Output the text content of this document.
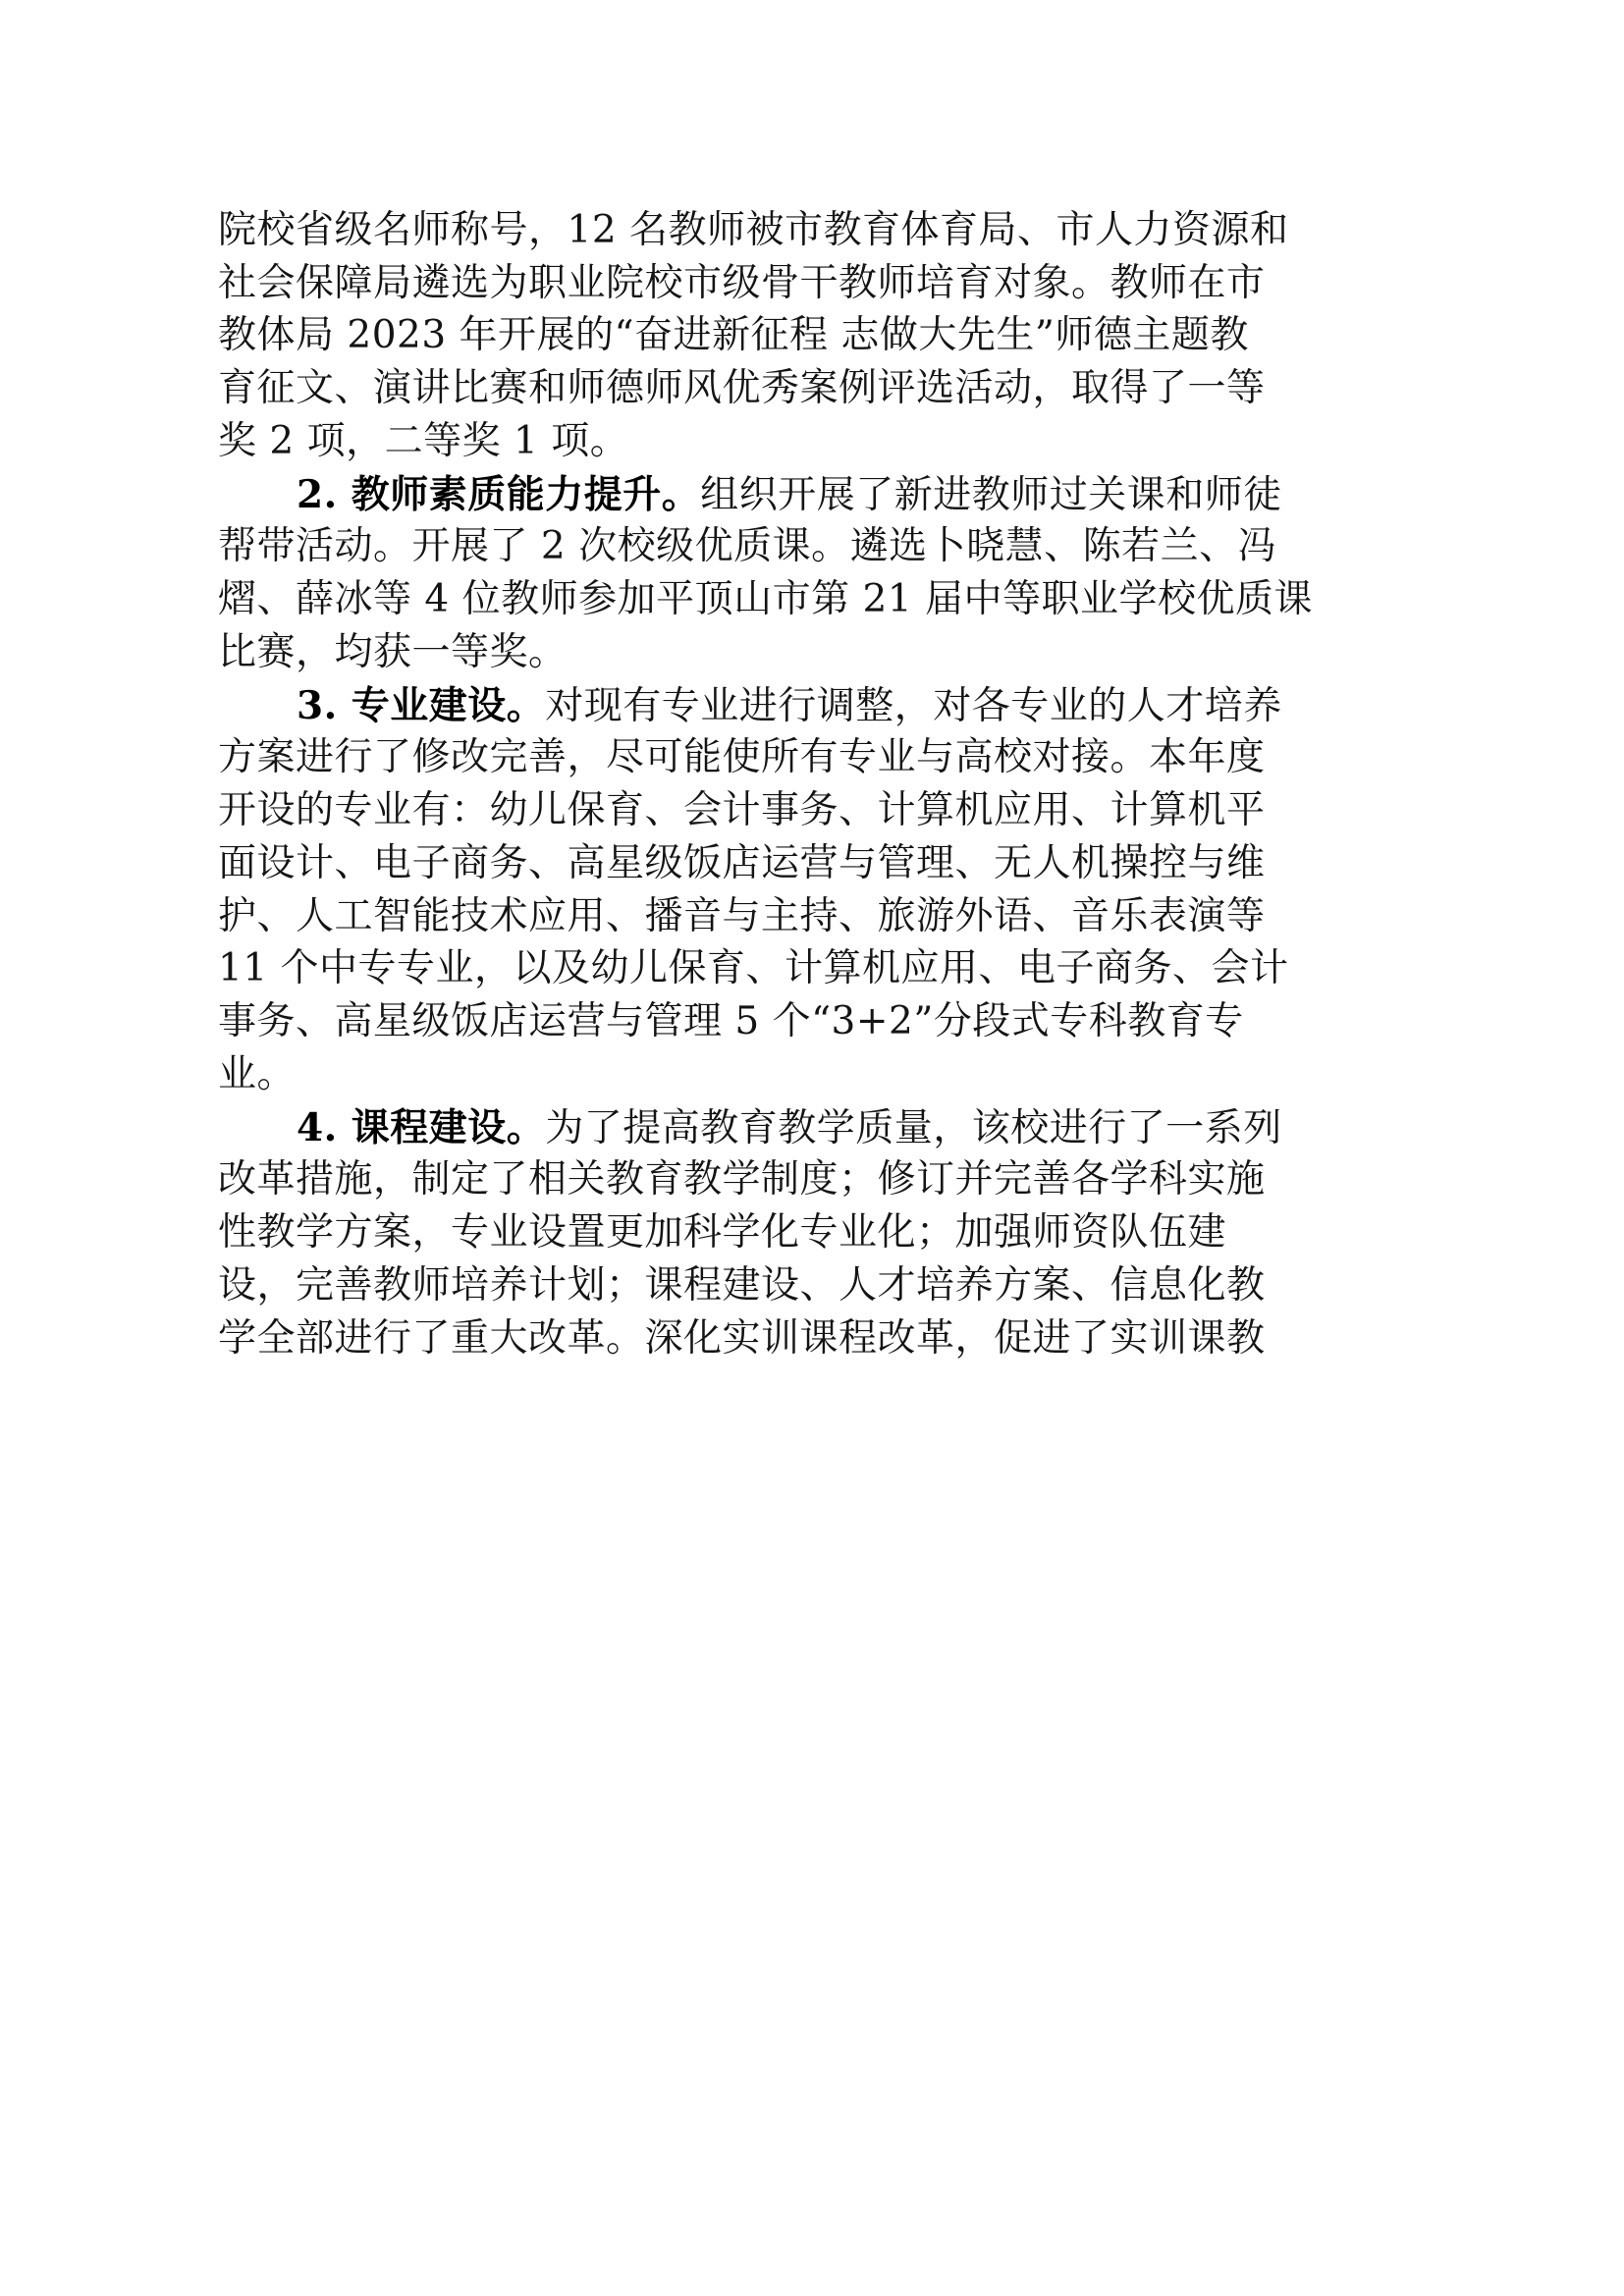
院校省级名师称号，12 名教师被市教育体育局、市人力资源和
社会保障局遴选为职业院校市级骨干教师培育对象。教师在市
教体局 2023 年开展的“奋进新征程 志做大先生”师德主题教
育征文、演讲比赛和师德师风优秀案例评选活动，取得了一等
奖 2 项，二等奖 1 项。
2. 教师素质能力提升。组织开展了新进教师过关课和师徒
帮带活动。开展了 2 次校级优质课。遴选卜晓慧、陈若兰、冯
熠、薛冰等 4 位教师参加平顶山市第 21 届中等职业学校优质课
比赛，均获一等奖。
3. 专业建设。对现有专业进行调整，对各专业的人才培养
方案进行了修改完善，尽可能使所有专业与高校对接。本年度
开设的专业有：幼儿保育、会计事务、计算机应用、计算机平
面设计、电子商务、高星级饭店运营与管理、无人机操控与维
护、人工智能技术应用、播音与主持、旅游外语、音乐表演等
11 个中专专业，以及幼儿保育、计算机应用、电子商务、会计
事务、高星级饭店运营与管理 5 个“3+2”分段式专科教育专
业。
4. 课程建设。为了提高教育教学质量，该校进行了一系列
改革措施，制定了相关教育教学制度；修订并完善各学科实施
性教学方案，专业设置更加科学化专业化；加强师资队伍建
设，完善教师培养计划；课程建设、人才培养方案、信息化教
学全部进行了重大改革。深化实训课程改革，促进了实训课教
